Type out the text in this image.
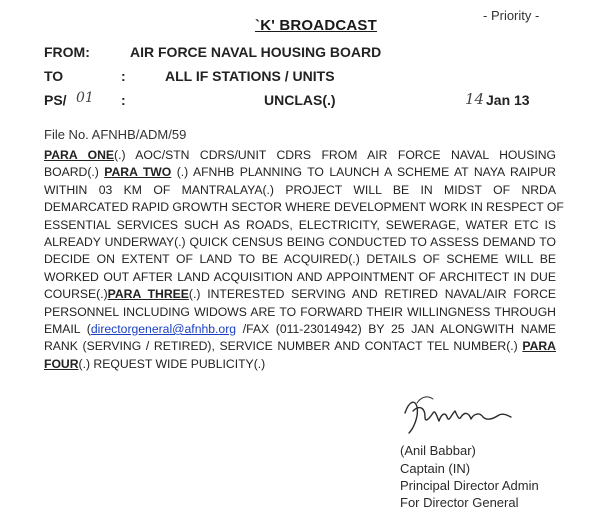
- Priority -
`K' BROADCAST
FROM:	AIR FORCE NAVAL HOUSING BOARD
TO	:	ALL IF STATIONS / UNITS
PS/ 01 :	UNCLAS(.)	14 Jan 13
File No. AFNHB/ADM/59
PARA ONE(.) AOC/STN CDRS/UNIT CDRS FROM AIR FORCE NAVAL HOUSING
BOARD(.) PARA TWO (.) AFNHB PLANNING TO LAUNCH A SCHEME AT NAYA RAIPUR
WITHIN 03 KM OF MANTRALAYA(.) PROJECT WILL BE IN MIDST OF NRDA
DEMARCATED RAPID GROWTH SECTOR WHERE DEVELOPMENT WORK IN RESPECT OF
ESSENTIAL SERVICES SUCH AS ROADS, ELECTRICITY, SEWERAGE, WATER ETC IS
ALREADY UNDERWAY(.) QUICK CENSUS BEING CONDUCTED TO ASSESS DEMAND TO
DECIDE ON EXTENT OF LAND TO BE ACQUIRED(.) DETAILS OF SCHEME WILL BE
WORKED OUT AFTER LAND ACQUISITION AND APPOINTMENT OF ARCHITECT IN DUE
COURSE(.)PARA THREE(.) INTERESTED SERVING AND RETIRED NAVAL/AIR FORCE
PERSONNEL INCLUDING WIDOWS ARE TO FORWARD THEIR WILLINGNESS THROUGH
EMAIL (directorgeneral@afnhb.org /FAX (011-23014942) BY 25 JAN ALONGWITH NAME
RANK (SERVING / RETIRED), SERVICE NUMBER AND CONTACT TEL NUMBER(.) PARA
FOUR(.) REQUEST WIDE PUBLICITY(.)
(Anil Babbar)
Captain (IN)
Principal Director Admin
For Director General
